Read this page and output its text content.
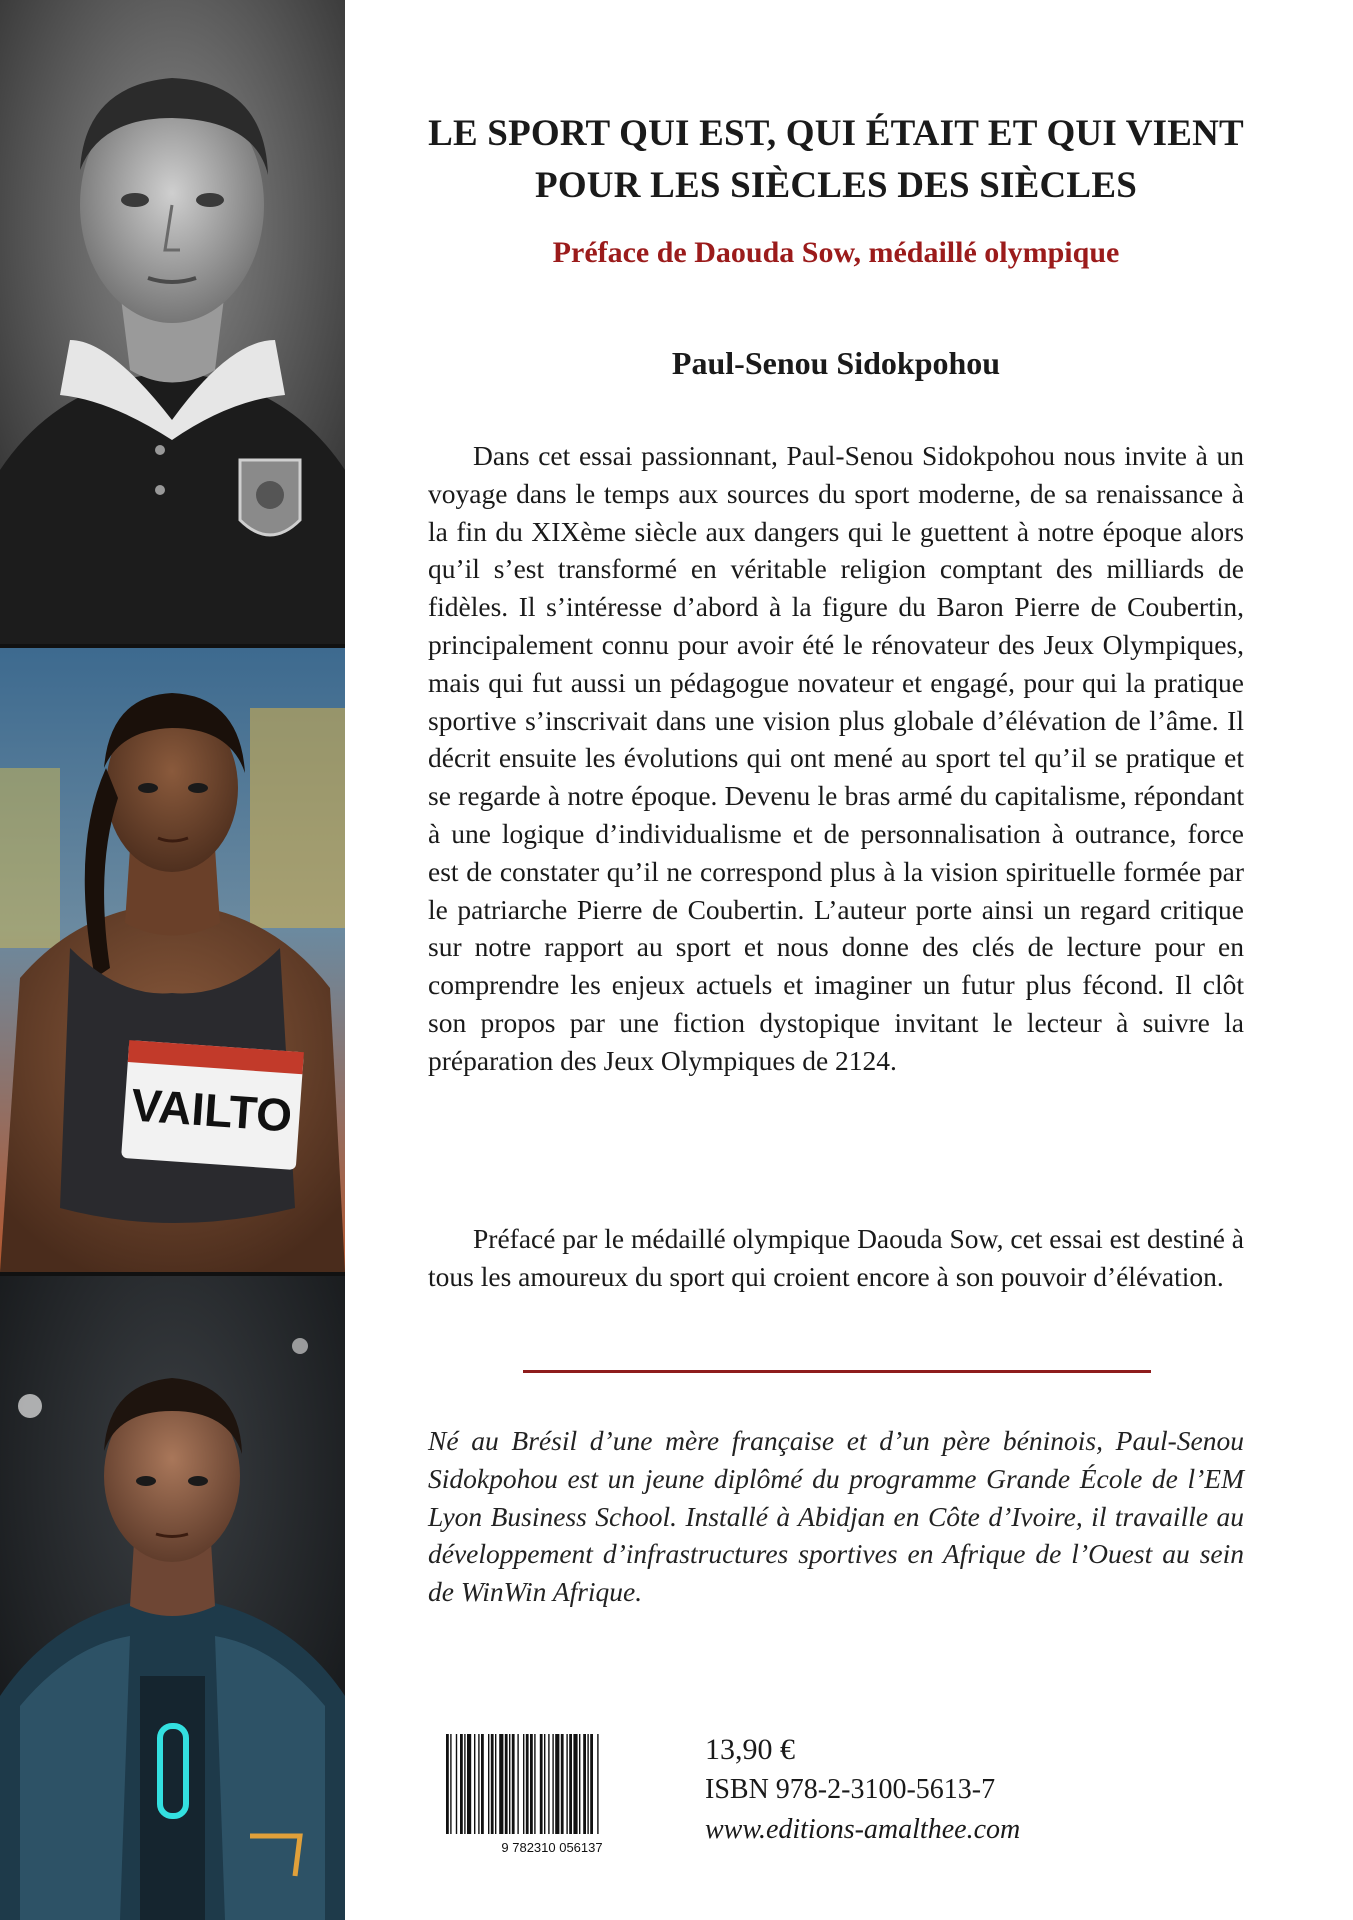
VAILTO
LE SPORT QUI EST, QUI ÉTAIT ET QUI VIENT
POUR LES SIÈCLES DES SIÈCLES
Préface de Daouda Sow, médaillé olympique
Paul-Senou Sidokpohou
Dans cet essai passionnant, Paul-Senou Sidokpohou nous invite à un voyage dans le temps aux sources du sport moderne, de sa renaissance à la fin du XIXème siècle aux dangers qui le guettent à notre époque alors qu’il s’est transformé en véritable religion comptant des milliards de fidèles. Il s’intéresse d’abord à la figure du Baron Pierre de Coubertin, principalement connu pour avoir été le rénovateur des Jeux Olympiques, mais qui fut aussi un pédagogue novateur et engagé, pour qui la pratique sportive s’inscrivait dans une vision plus globale d’élévation de l’âme. Il décrit ensuite les évolutions qui ont mené au sport tel qu’il se pratique et se regarde à notre époque. Devenu le bras armé du capitalisme, répondant à une logique d’individualisme et de personnalisation à outrance, force est de constater qu’il ne correspond plus à la vision spirituelle formée par le patriarche Pierre de Coubertin. L’auteur porte ainsi un regard critique sur notre rapport au sport et nous donne des clés de lecture pour en comprendre les enjeux actuels et imaginer un futur plus fécond. Il clôt son propos par une fiction dystopique invitant le lecteur à suivre la préparation des Jeux Olympiques de 2124.
Préfacé par le médaillé olympique Daouda Sow, cet essai est destiné à tous les amoureux du sport qui croient encore à son pouvoir d’élévation.
Né au Brésil d’une mère française et d’un père béninois, Paul-Senou Sidokpohou est un jeune diplômé du programme Grande École de l’EM Lyon Business School. Installé à Abidjan en Côte d’Ivoire, il travaille au développement d’infrastructures sportives en Afrique de l’Ouest au sein de WinWin Afrique.
9 782310 056137
13,90 €
ISBN 978-2-3100-5613-7
www.editions-amalthee.com
